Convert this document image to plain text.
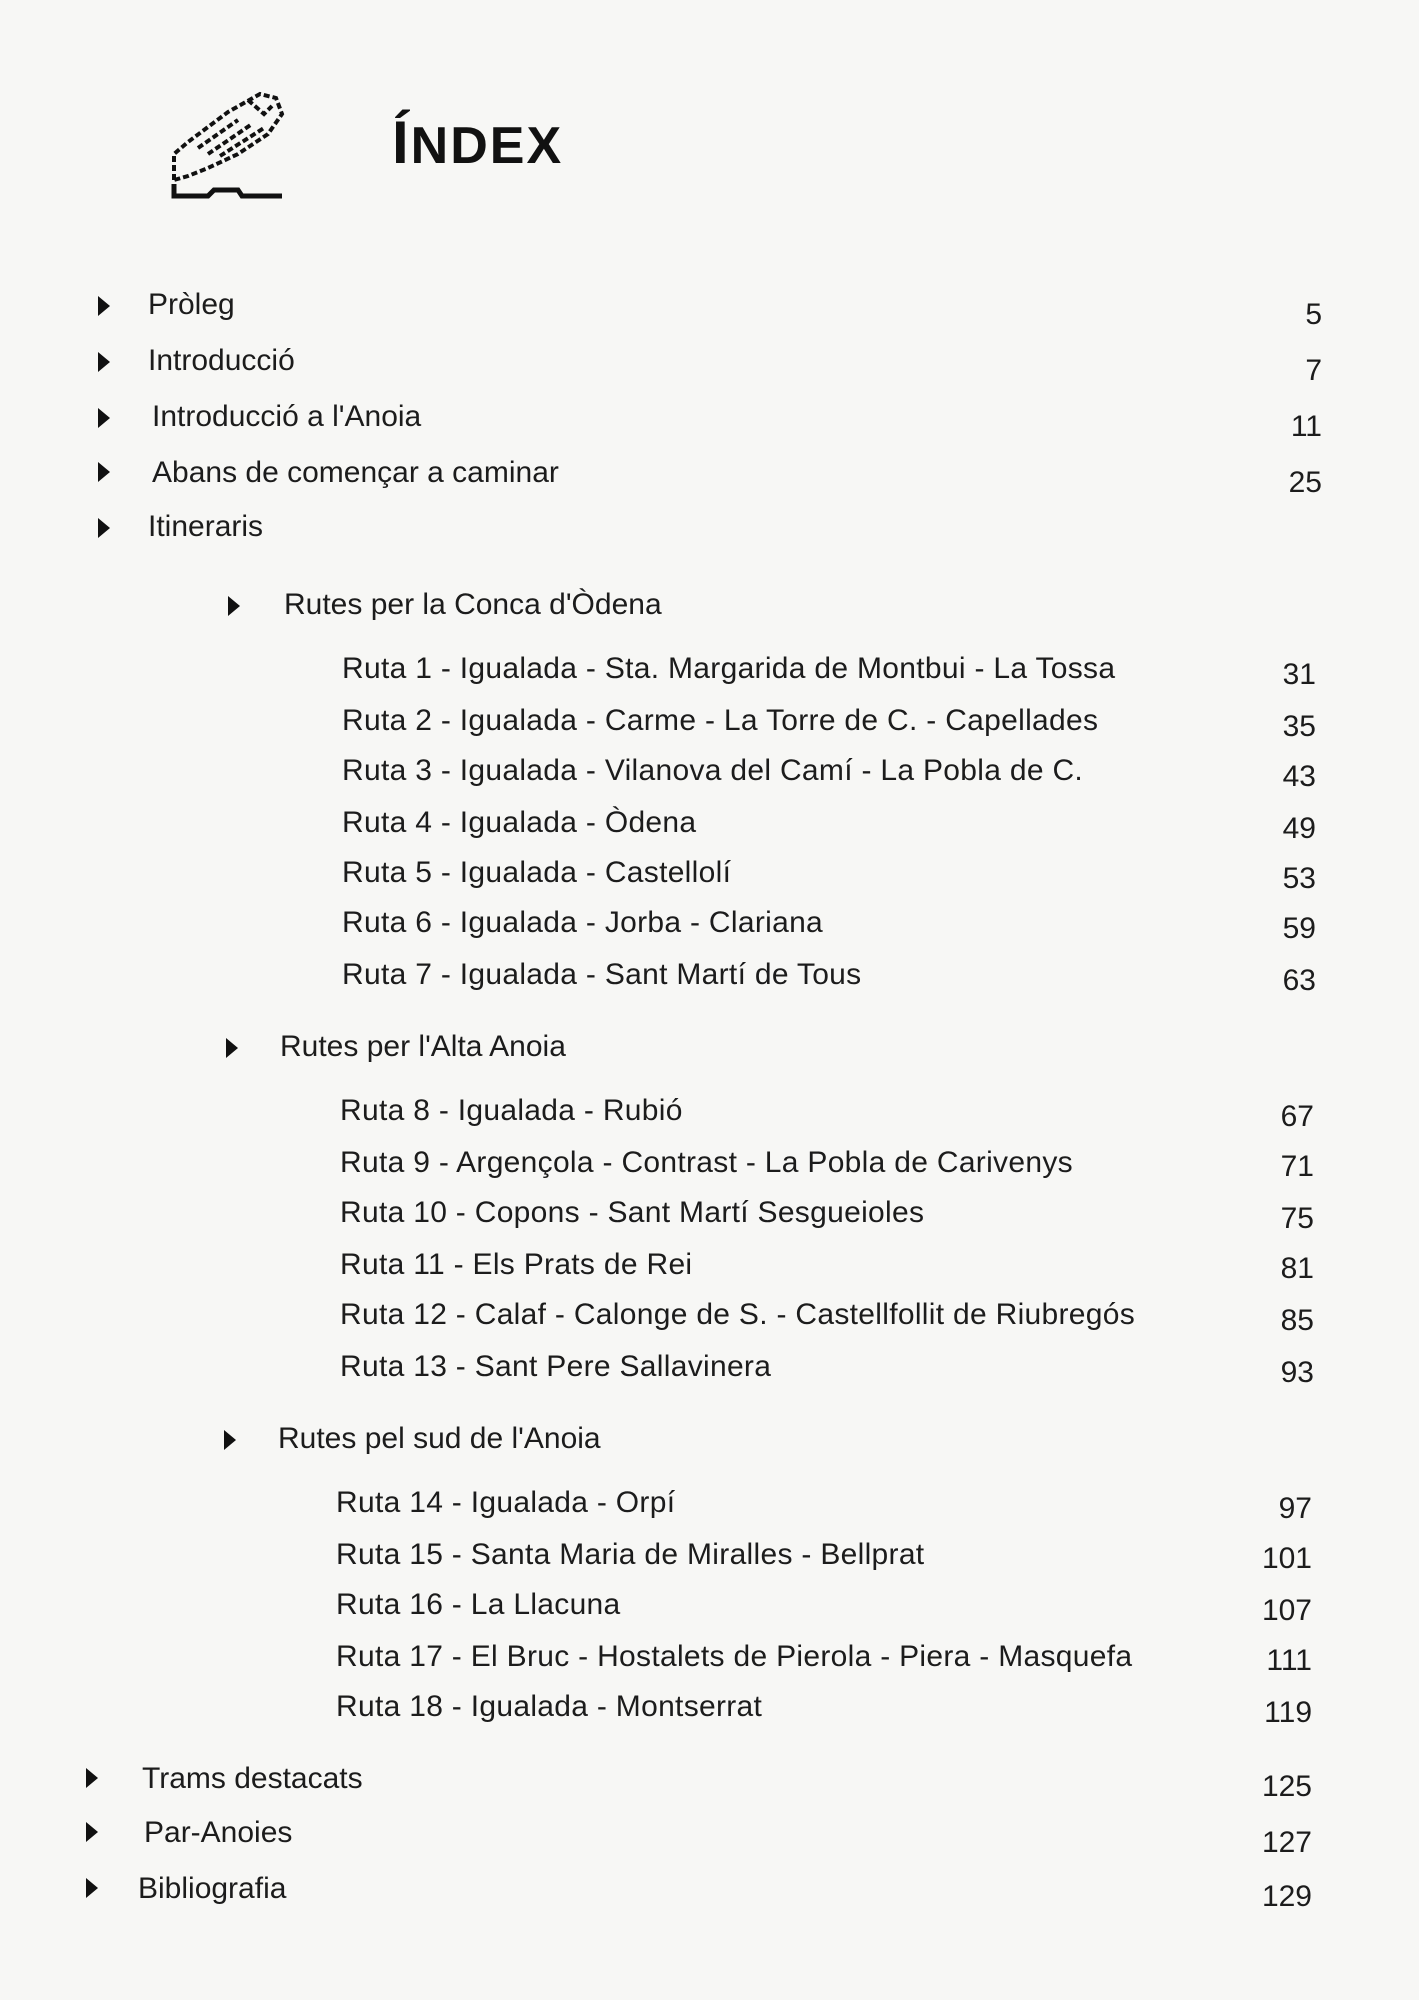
ÍNDEX
Pròleg	5
Introducció	7
Introducció a l'Anoia	11
Abans de començar a caminar	25
Itineraris
Rutes per la Conca d'Òdena
Ruta 1 - Igualada - Sta. Margarida de Montbui - La Tossa	31
Ruta 2 - Igualada - Carme - La Torre de C. - Capellades	35
Ruta 3 - Igualada - Vilanova del Camí - La Pobla de C.	43
Ruta 4 - Igualada - Òdena	49
Ruta 5 - Igualada - Castellolí	53
Ruta 6 - Igualada - Jorba - Clariana	59
Ruta 7 - Igualada - Sant Martí de Tous	63
Rutes per l'Alta Anoia
Ruta 8 - Igualada - Rubió	67
Ruta 9 - Argençola - Contrast - La Pobla de Carivenys	71
Ruta 10 - Copons - Sant Martí Sesgueioles	75
Ruta 11 - Els Prats de Rei	81
Ruta 12 - Calaf - Calonge de S. - Castellfollit de Riubregós	85
Ruta 13 - Sant Pere Sallavinera	93
Rutes pel sud de l'Anoia
Ruta 14 - Igualada - Orpí	97
Ruta 15 - Santa Maria de Miralles - Bellprat	101
Ruta 16 - La Llacuna	107
Ruta 17 - El Bruc - Hostalets de Pierola - Piera - Masquefa	111
Ruta 18 - Igualada - Montserrat	119
Trams destacats	125
Par-Anoies	127
Bibliografia	129
